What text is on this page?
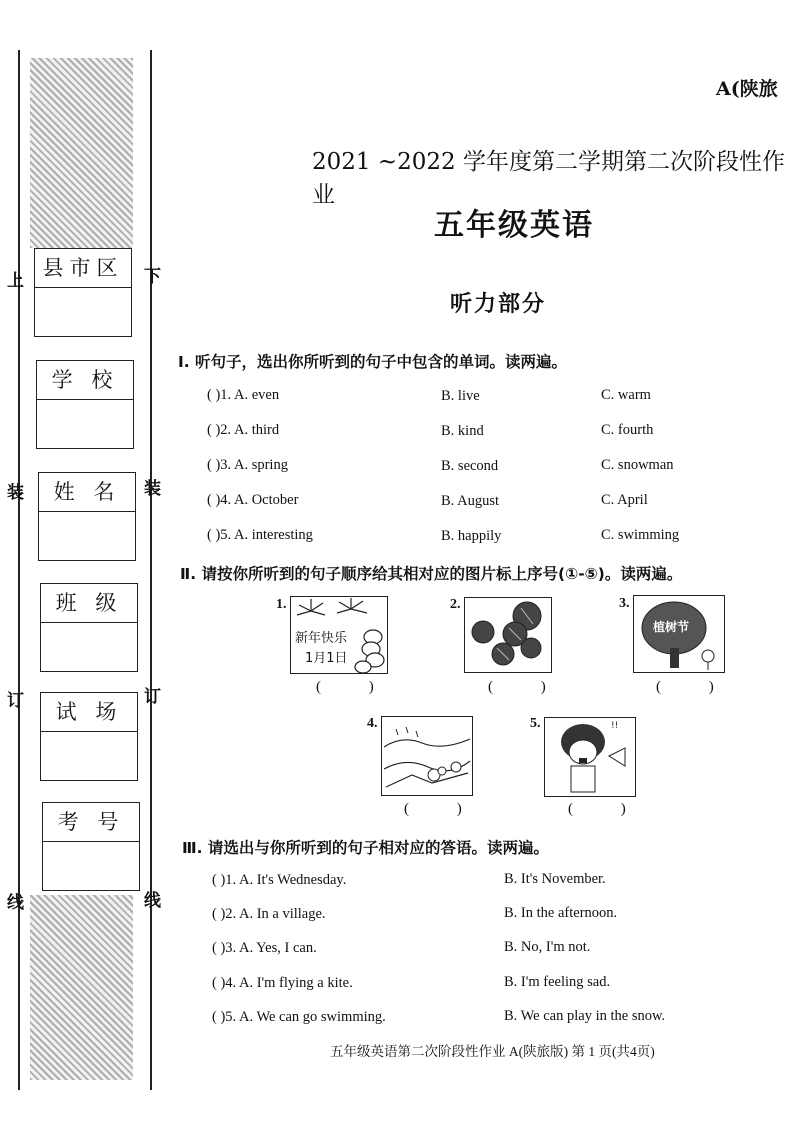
上
装
订
线
下
装
订
线
县市区
学 校
姓 名
班 级
试 场
考 号
A(陕旅
2021 ~2022 学年度第二学期第二次阶段性作业
五年级英语
听力部分
Ⅰ. 听句子，选出你所听到的句子中包含的单词。读两遍。
( )1. A. even	B. live	C. warm
( )2. A. third	B. kind	C. fourth
( )3. A. spring	B. second	C. snowman
( )4. A. October	B. August	C. April
( )5. A. interesting	B. happily	C. swimming
Ⅱ. 请按你所听到的句子顺序给其相对应的图片标上序号(①-⑤)。读两遍。
1.
新年快乐
1月1日
( )
2.
( )
3.
植树节
( )
4.
( )
5.	!!
( )
Ⅲ. 请选出与你所听到的句子相对应的答语。读两遍。
( )1. A. It's Wednesday.	B. It's November.
( )2. A. In a village.	B. In the afternoon.
( )3. A. Yes, I can.	B. No, I'm not.
( )4. A. I'm flying a kite.	B. I'm feeling sad.
( )5. A. We can go swimming.	B. We can play in the snow.
五年级英语第二次阶段性作业 A(陕旅版) 第 1 页(共4页)
